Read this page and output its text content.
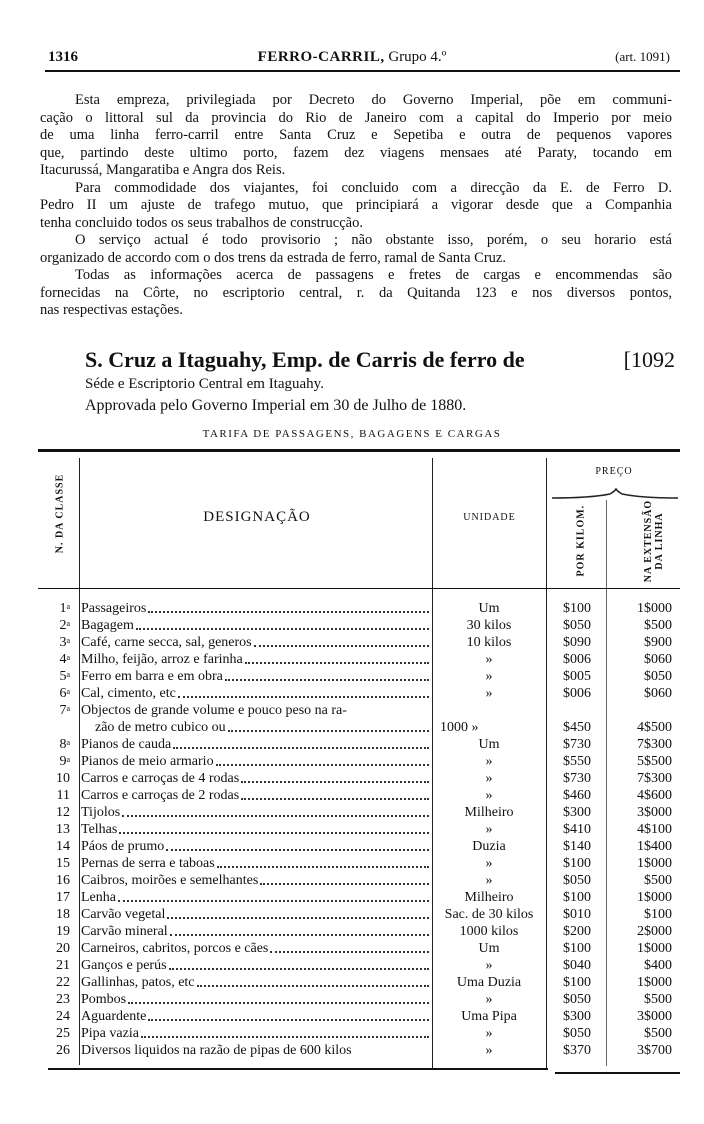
1316	FERRO-CARRIL, Grupo 4.º	(art. 1091)
Esta empreza, privilegiada por Decreto do Governo Imperial, põe em communi-
cação o littoral sul da provincia do Rio de Janeiro com a capital do Imperio por meio
de uma linha ferro-carril entre Santa Cruz e Sepetiba e outra de pequenos vapores
que, partindo deste ultimo porto, fazem dez viagens mensaes até Paraty, tocando em
Itacurussá, Mangaratiba e Angra dos Reis.
Para commodidade dos viajantes, foi concluido com a direcção da E. de Ferro D.
Pedro II um ajuste de trafego mutuo, que principiará a vigorar desde que a Companhia
tenha concluido todos os seus trabalhos de construcção.
O serviço actual é todo provisorio ; não obstante isso, porém, o seu horario está
organizado de accordo com o dos trens da estrada de ferro, ramal de Santa Cruz.
Todas as informações acerca de passagens e fretes de cargas e encommendas são
fornecidas na Côrte, no escriptorio central, r. da Quitanda 123 e nos diversos pontos,
nas respectivas estações.
S. Cruz a Itaguahy, Emp. de Carris de ferro de	[1092
Séde e Escriptorio Central em Itaguahy.
Approvada pelo Governo Imperial em 30 de Julho de 1880.
TARIFA DE PASSAGENS, BAGAGENS E CARGAS
N. DA CLASSE	DESIGNAÇÃO	UNIDADE
PREÇO
POR KILOM.	NA EXTENSÃO
DA LINHA
1$^a$ Passageiros	Um	$100	1$000
2$^a$ Bagagem	30 kilos	$050	$500
3$^a$ Café, carne secca, sal, generos	10 kilos	$090	$900
4$^a$ Milho, feijão, arroz e farinha	»	$006	$060
5$^a$ Ferro em barra e em obra	»	$005	$050
6$^a$ Cal, cimento, etc	»	$006	$060
7$^a$ Objectos de grande volume e pouco peso na ra-
zão de metro cubico ou	1000 »	$450	4$500
8$^a$ Pianos de cauda	Um	$730	7$300
9$^a$ Pianos de meio armario	»	$550	5$500
10 Carros e carroças de 4 rodas	»	$730	7$300
11 Carros e carroças de 2 rodas	»	$460	4$600
12 Tijolos	Milheiro	$300	3$000
13 Telhas	»	$410	4$100
14 Páos de prumo	Duzia	$140	1$400
15 Pernas de serra e taboas	»	$100	1$000
16 Caibros, moirões e semelhantes	»	$050	$500
17 Lenha	Milheiro	$100	1$000
18 Carvão vegetal	Sac. de 30 kilos	$010	$100
19 Carvão mineral	1000 kilos	$200	2$000
20 Carneiros, cabritos, porcos e cães	Um	$100	1$000
21 Ganços e perús	»	$040	$400
22 Gallinhas, patos, etc	Uma Duzia	$100	1$000
23 Pombos	»	$050	$500
24 Aguardente	Uma Pipa	$300	3$000
25 Pipa vazia	»	$050	$500
26 Diversos liquidos na razão de pipas de 600 kilos	»	$370	3$700
